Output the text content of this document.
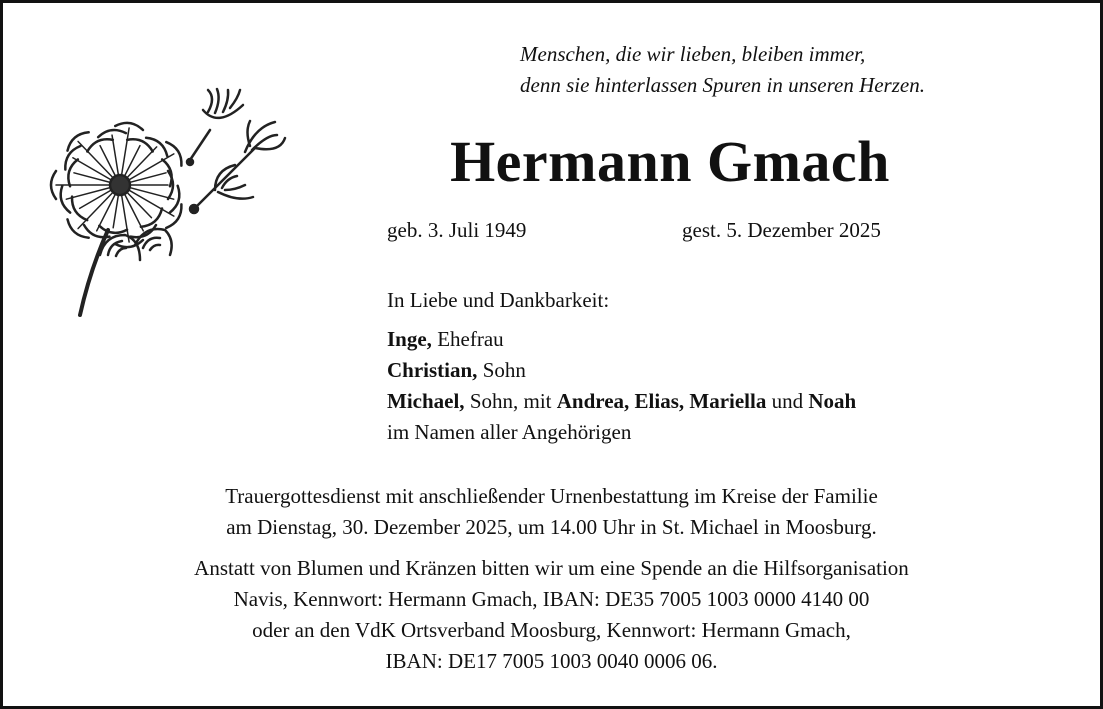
Menschen, die wir lieben, bleiben immer,
denn sie hinterlassen Spuren in unseren Herzen.
Hermann Gmach
geb. 3. Juli 1949	gest. 5. Dezember 2025
In Liebe und Dankbarkeit:
Inge, Ehefrau
Christian, Sohn
Michael, Sohn, mit Andrea, Elias, Mariella und Noah
im Namen aller Angehörigen
Trauergottesdienst mit anschließender Urnenbestattung im Kreise der Familie
am Dienstag, 30. Dezember 2025, um 14.00 Uhr in St. Michael in Moosburg.
Anstatt von Blumen und Kränzen bitten wir um eine Spende an die Hilfsorganisation
Navis, Kennwort: Hermann Gmach, IBAN: DE35 7005 1003 0000 4140 00
oder an den VdK Ortsverband Moosburg, Kennwort: Hermann Gmach,
IBAN: DE17 7005 1003 0040 0006 06.
